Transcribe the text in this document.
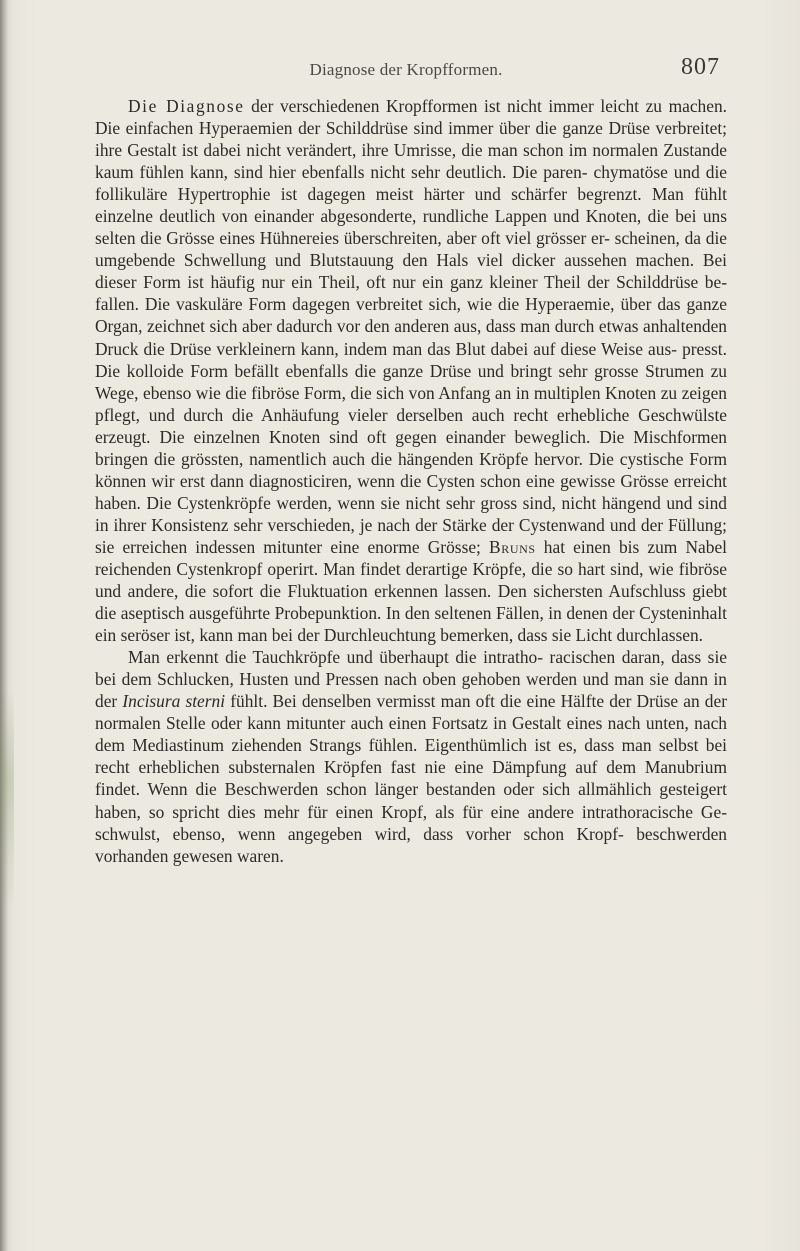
Diagnose der Kropfformen.	807

Die Diagnose der verschiedenen Kropfformen ist nicht immer leicht zu machen. Die einfachen Hyperaemien der Schilddrüse sind immer über die ganze Drüse verbreitet; ihre Gestalt ist dabei nicht verändert, ihre Umrisse, die man schon im normalen Zustande kaum fühlen kann, sind hier ebenfalls nicht sehr deutlich. Die paren- chymatöse und die follikuläre Hypertrophie ist dagegen meist härter und schärfer begrenzt. Man fühlt einzelne deutlich von einander abgesonderte, rundliche Lappen und Knoten, die bei uns selten die Grösse eines Hühnereies überschreiten, aber oft viel grösser er- scheinen, da die umgebende Schwellung und Blutstauung den Hals viel dicker aussehen machen. Bei dieser Form ist häufig nur ein Theil, oft nur ein ganz kleiner Theil der Schilddrüse be- fallen. Die vaskuläre Form dagegen verbreitet sich, wie die Hyperaemie, über das ganze Organ, zeichnet sich aber dadurch vor den anderen aus, dass man durch etwas anhaltenden Druck die Drüse verkleinern kann, indem man das Blut dabei auf diese Weise aus- presst. Die kolloide Form befällt ebenfalls die ganze Drüse und bringt sehr grosse Strumen zu Wege, ebenso wie die fibröse Form, die sich von Anfang an in multiplen Knoten zu zeigen pflegt, und durch die Anhäufung vieler derselben auch recht erhebliche Geschwülste erzeugt. Die einzelnen Knoten sind oft gegen einander beweglich. Die Mischformen bringen die grössten, namentlich auch die hängenden Kröpfe hervor. Die cystische Form können wir erst dann diagnosticiren, wenn die Cysten schon eine gewisse Grösse erreicht haben. Die Cystenkröpfe werden, wenn sie nicht sehr gross sind, nicht hängend und sind in ihrer Konsistenz sehr verschieden, je nach der Stärke der Cystenwand und der Füllung; sie erreichen indessen mitunter eine enorme Grösse; Bruns hat einen bis zum Nabel reichenden Cystenkropf operirt. Man findet derartige Kröpfe, die so hart sind, wie fibröse und andere, die sofort die Fluktuation erkennen lassen. Den sichersten Aufschluss giebt die aseptisch ausgeführte Probepunktion. In den seltenen Fällen, in denen der Cysteninhalt ein seröser ist, kann man bei der Durchleuchtung bemerken, dass sie Licht durchlassen.

Man erkennt die Tauchkröpfe und überhaupt die intratho- racischen daran, dass sie bei dem Schlucken, Husten und Pressen nach oben gehoben werden und man sie dann in der Incisura sterni fühlt. Bei denselben vermisst man oft die eine Hälfte der Drüse an der normalen Stelle oder kann mitunter auch einen Fortsatz in Gestalt eines nach unten, nach dem Mediastinum ziehenden Strangs fühlen. Eigenthümlich ist es, dass man selbst bei recht erheblichen substernalen Kröpfen fast nie eine Dämpfung auf dem Manubrium findet. Wenn die Beschwerden schon länger bestanden oder sich allmählich gesteigert haben, so spricht dies mehr für einen Kropf, als für eine andere intrathoracische Ge- schwulst, ebenso, wenn angegeben wird, dass vorher schon Kropf- beschwerden vorhanden gewesen waren.
